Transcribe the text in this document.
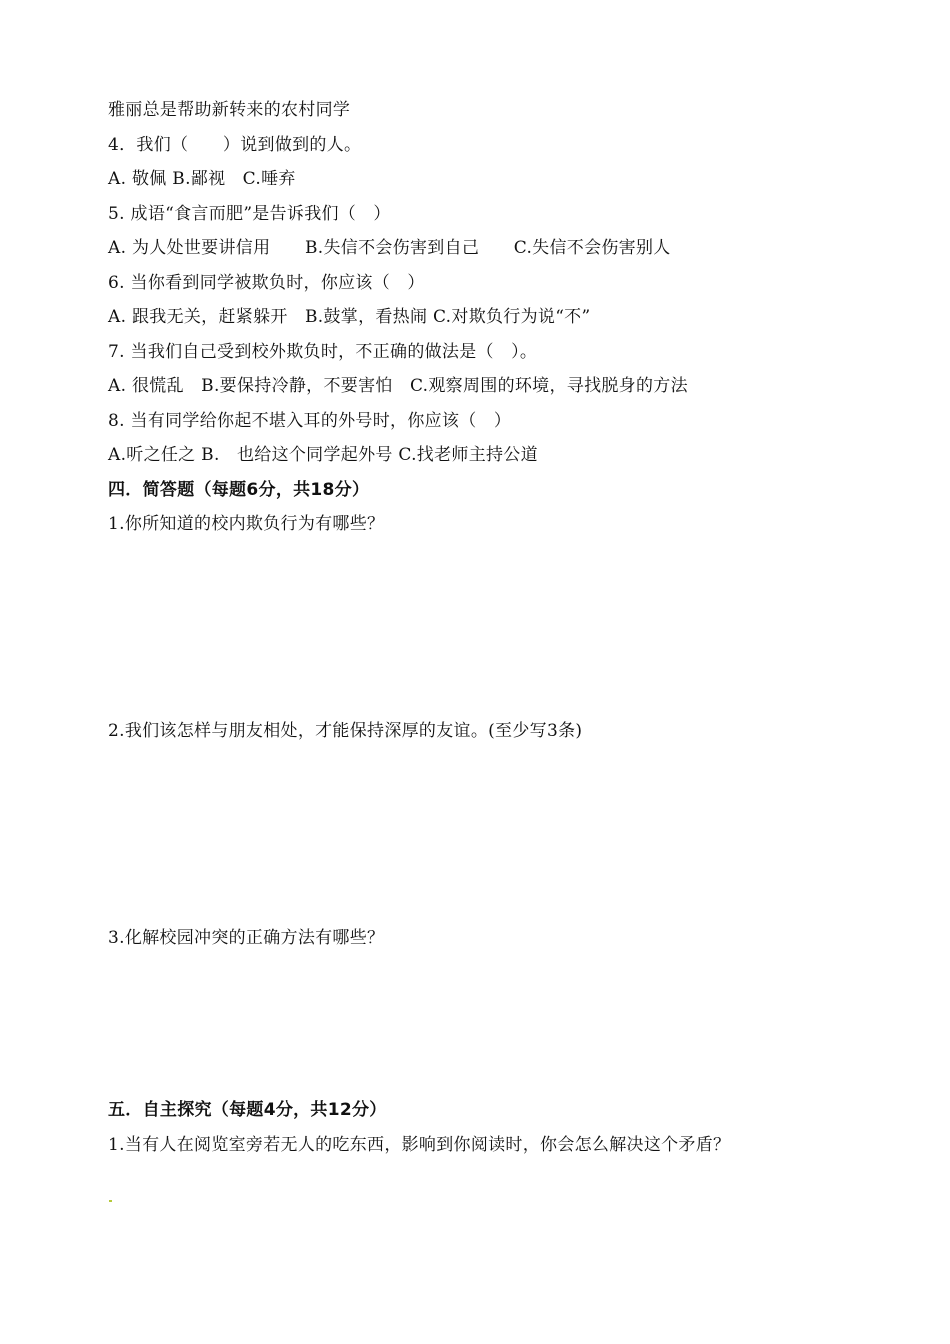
雅丽总是帮助新转来的农村同学
4．我们（　　）说到做到的人。
A. 敬佩 B.鄙视　C.唾弃
5. 成语“食言而肥”是告诉我们（　）
A. 为人处世要讲信用　　B.失信不会伤害到自己　　C.失信不会伤害别人
6. 当你看到同学被欺负时，你应该（　）
A. 跟我无关，赶紧躲开　B.鼓掌，看热闹 C.对欺负行为说“不”
7. 当我们自己受到校外欺负时，不正确的做法是（　）。
A. 很慌乱　B.要保持冷静，不要害怕　C.观察周围的环境，寻找脱身的方法
8. 当有同学给你起不堪入耳的外号时，你应该（　）
A.听之任之 B.　也给这个同学起外号 C.找老师主持公道
四．简答题（每题6分，共18分）
1.你所知道的校内欺负行为有哪些？
2.我们该怎样与朋友相处，才能保持深厚的友谊。(至少写3条)
3.化解校园冲突的正确方法有哪些？
五．自主探究（每题4分，共12分）
1.当有人在阅览室旁若无人的吃东西，影响到你阅读时，你会怎么解决这个矛盾？
